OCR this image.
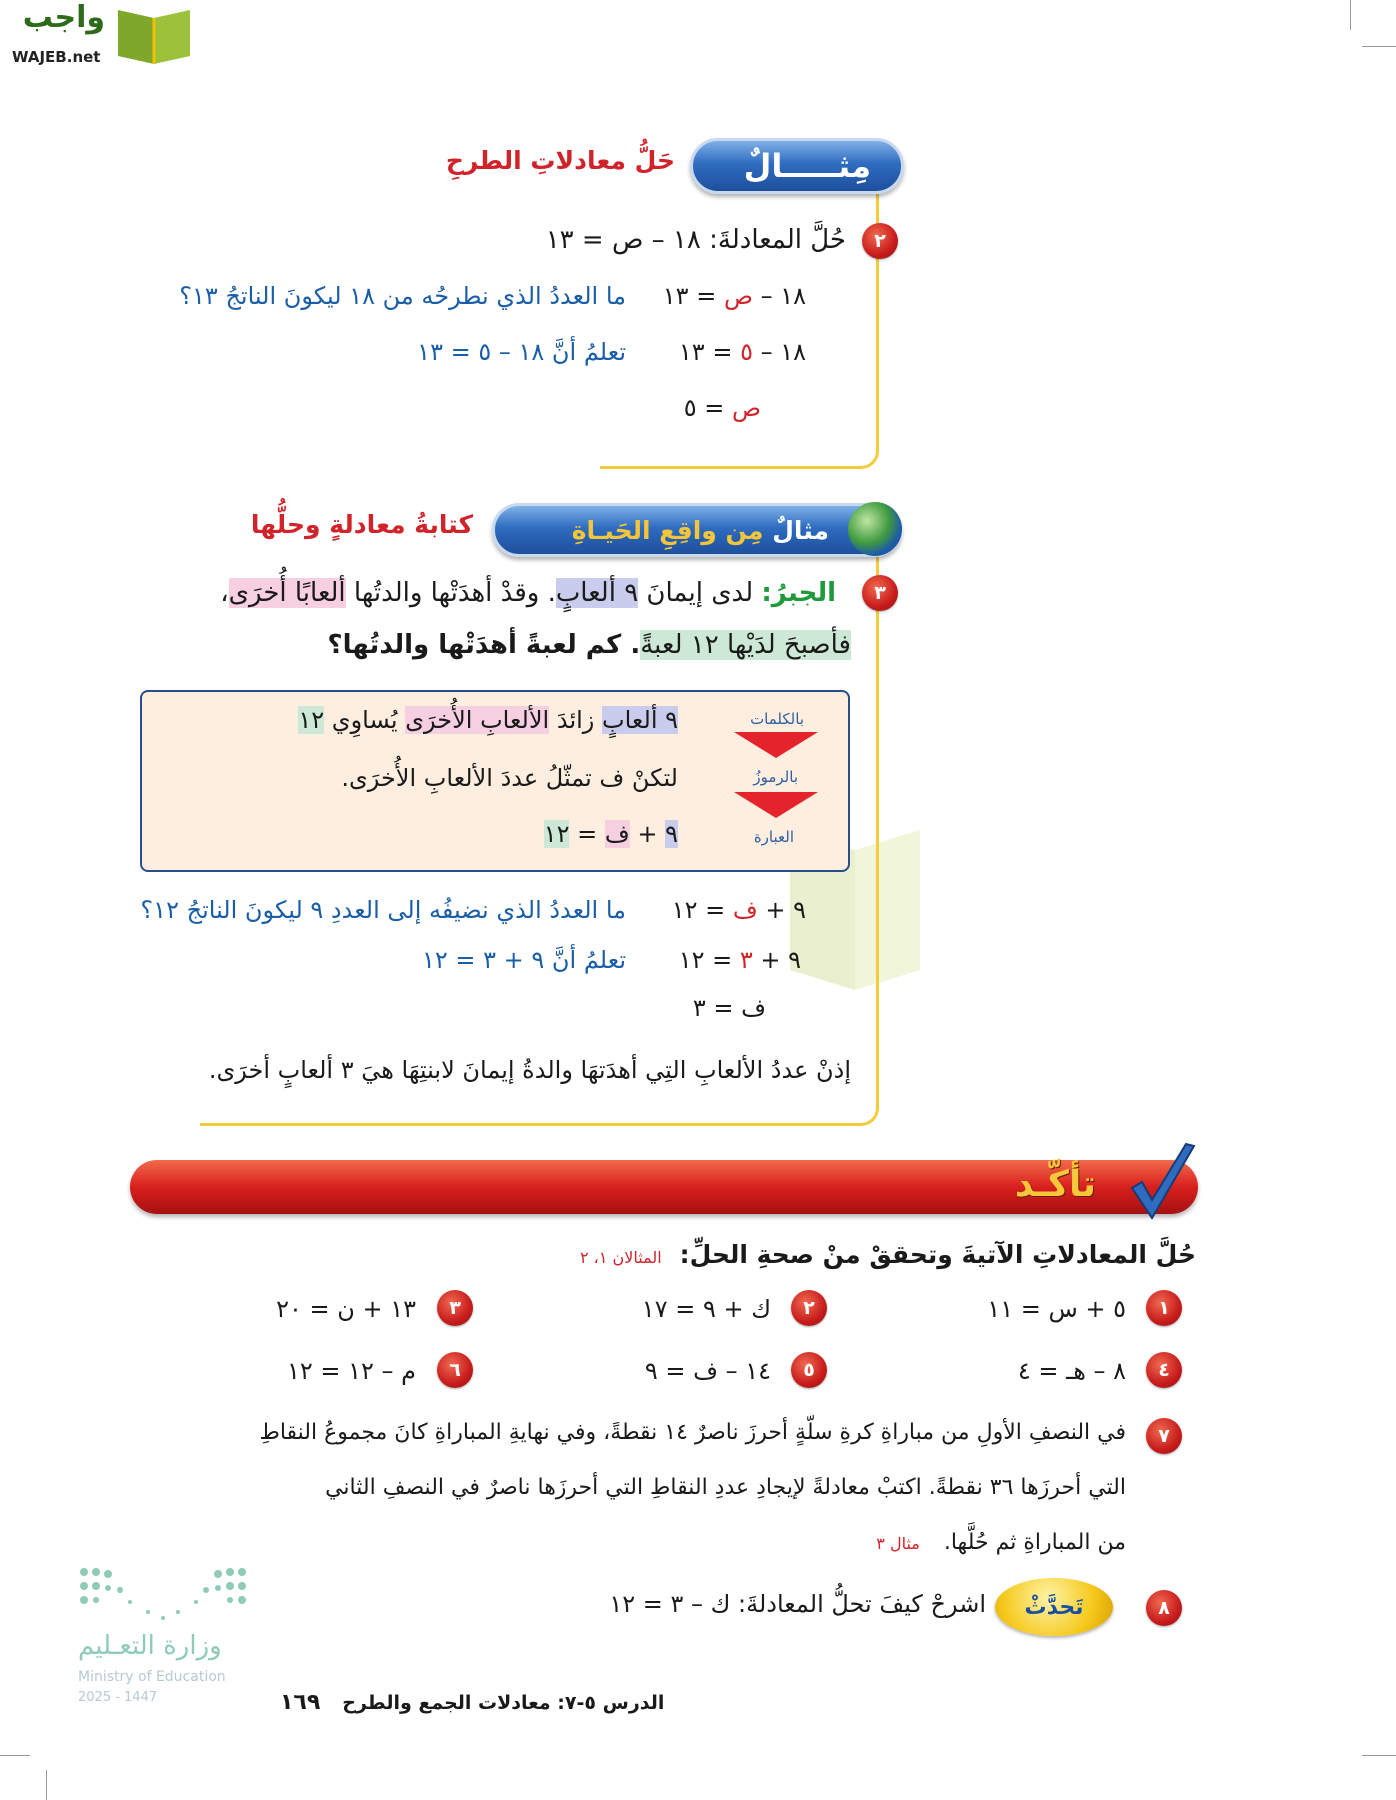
واجب
WAJEB.net
مِثـــــالٌ
حَلُّ معادلاتِ الطرحِ
٢
حُلَّ المعادلةَ: ١٨ – ص = ١٣
١٨ – ص = ١٣
ما العددُ الذي نطرحُه من ١٨ ليكونَ الناتجُ ١٣؟
١٨ – ٥ = ١٣
تعلمُ أنَّ ١٨ – ٥ = ١٣
ص = ٥
مِن واقِعِ الحَيـاةِ
مثالٌ
كتابةُ معادلةٍ وحلُّها
٣
الجبرُ: لدى إيمانَ ٩ ألعابٍ. وقدْ أهدَتْها والدتُها ألعابًا أُخرَى،
فأصبحَ لدَيْها ١٢ لعبةً. كم لعبةً أهدَتْها والدتُها؟
بالكلمات
بالرموزُ
العبارة
٩ ألعابٍ زائدَ الألعابِ الأُخرَى يُساوِي ١٢
لتكنْ ف تمثّلُ عددَ الألعابِ الأُخرَى.
٩ + ف = ١٢
٩ + ف = ١٢
ما العددُ الذي نضيفُه إلى العددِ ٩ ليكونَ الناتجُ ١٢؟
٩ + ٣ = ١٢
تعلمُ أنَّ ٩ + ٣ = ١٢
ف = ٣
إذنْ عددُ الألعابِ التِي أهدَتهَا والدةُ إيمانَ لابنتِهَا هيَ ٣ ألعابٍ أخرَى.
تأكّـد
حُلَّ المعادلاتِ الآتيةَ وتحققْ منْ صحةِ الحلِّ:
المثالان ١، ٢
١
٥ + س = ١١
٢
ك + ٩ = ١٧
٣
١٣ + ن = ٢٠
٤
٨ – هـ = ٤
٥
١٤ – ف = ٩
٦
م – ١٢ = ١٢
٧
في النصفِ الأولِ من مباراةِ كرةِ سلّةٍ أحرزَ ناصرٌ ١٤ نقطةً، وفي نهايةِ المباراةِ كانَ مجموعُ النقاطِ
التي أحرزَها ٣٦ نقطةً. اكتبْ معادلةً لإيجادِ عددِ النقاطِ التي أحرزَها ناصرٌ في النصفِ الثاني
من المباراةِ ثم حُلَّها.
مثال ٣
٨
تَحدَّثْ
اشرحْ كيفَ تحلُّ المعادلةَ: ك – ٣ = ١٢
وزارة التعـليم
Ministry of Education
2025 - 1447	١٦٩ الدرس ٥-٧: معادلات الجمع والطرح
